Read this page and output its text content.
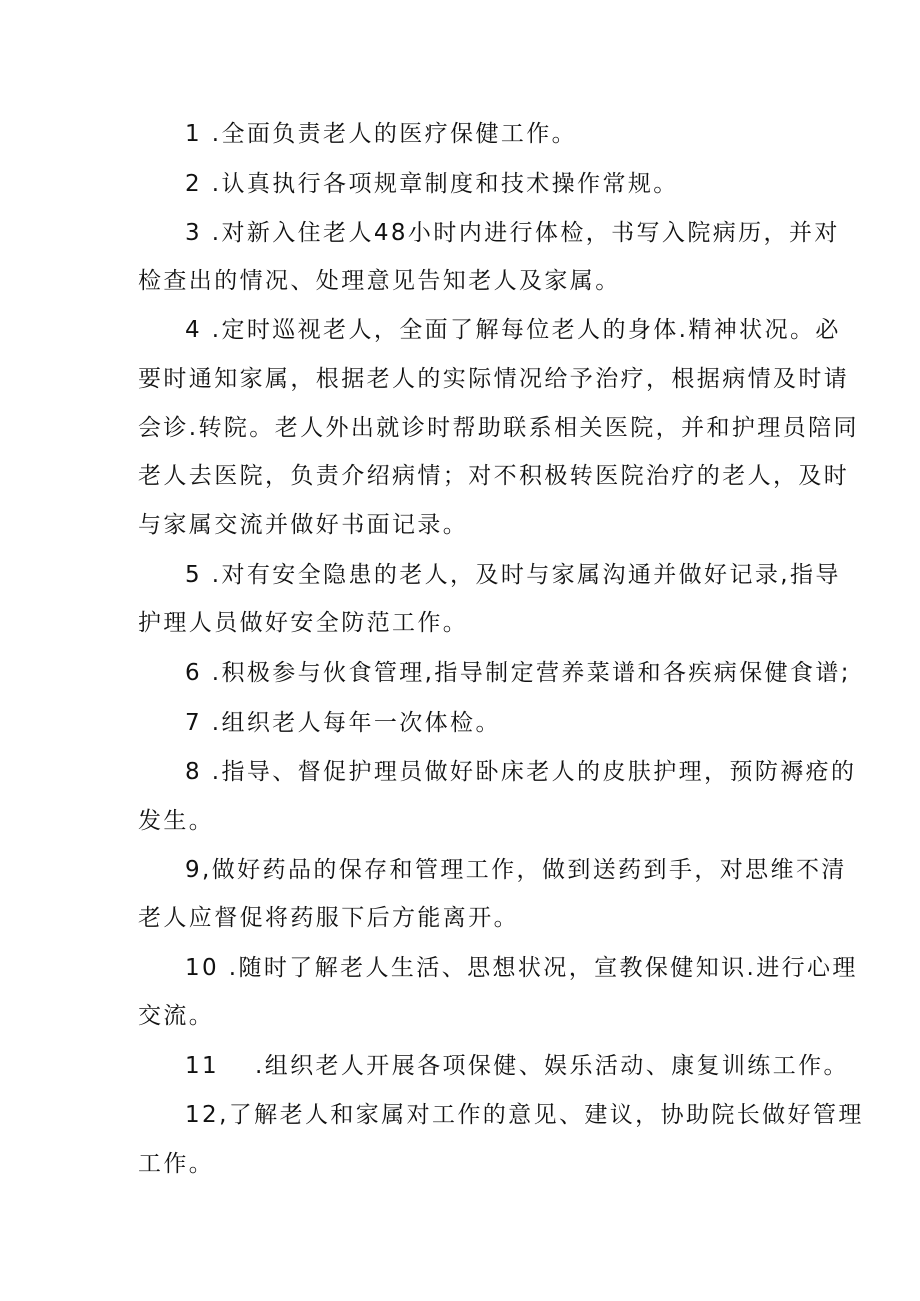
1 .全面负责老人的医疗保健工作。
2 .认真执行各项规章制度和技术操作常规。
3 .对新入住老人48小时内进行体检，书写入院病历，并对
检查出的情况、处理意见告知老人及家属。
4 .定时巡视老人，全面了解每位老人的身体.精神状况。必
要时通知家属，根据老人的实际情况给予治疗，根据病情及时请
会诊.转院。老人外出就诊时帮助联系相关医院，并和护理员陪同
老人去医院，负责介绍病情；对不积极转医院治疗的老人，及时
与家属交流并做好书面记录。
5 .对有安全隐患的老人，及时与家属沟通并做好记录,指导
护理人员做好安全防范工作。
6 .积极参与伙食管理,指导制定营养菜谱和各疾病保健食谱;
7 .组织老人每年一次体检。
8 .指导、督促护理员做好卧床老人的皮肤护理，预防褥疮的
发生。
9,做好药品的保存和管理工作，做到送药到手，对思维不清
老人应督促将药服下后方能离开。
10 .随时了解老人生活、思想状况，宣教保健知识.进行心理
交流。
11 .组织老人开展各项保健、娱乐活动、康复训练工作。
12,了解老人和家属对工作的意见、建议，协助院长做好管理
工作。
